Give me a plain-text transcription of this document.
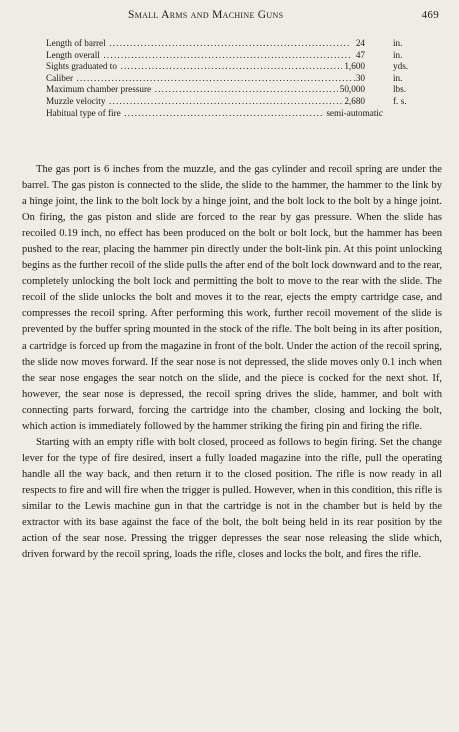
Small Arms and Machine Guns	469
Length of barrel .....	24	in.
Length overall .....	47	in.
Sights graduated to .....	1,600	yds.
Caliber .....	.30	in.
Maximum chamber pressure .....	50,000	lbs.
Muzzle velocity .....	2,680	f. s.
Habitual type of fire .....	semi-automatic

The gas port is 6 inches from the muzzle, and the gas cylinder and recoil spring are under the barrel. The gas piston is connected to the slide, the slide to the hammer, the hammer to the link by a hinge joint, the link to the bolt lock by a hinge joint, and the bolt lock to the bolt by a hinge joint. On firing, the gas piston and slide are forced to the rear by gas pressure. When the slide has recoiled 0.19 inch, no effect has been produced on the bolt or bolt lock, but the hammer has been pushed to the rear, placing the hammer pin directly under the bolt-link pin. At this point unlocking begins as the further recoil of the slide pulls the after end of the bolt lock downward and to the rear, completely unlocking the bolt lock and permitting the bolt to move to the rear with the slide. The recoil of the slide unlocks the bolt and moves it to the rear, ejects the empty cartridge case, and compresses the recoil spring. After performing this work, further recoil movement of the slide is prevented by the buffer spring mounted in the stock of the rifle. The bolt being in its after position, a cartridge is forced up from the magazine in front of the bolt. Under the action of the recoil spring, the slide now moves forward. If the sear nose is not depressed, the slide moves only 0.1 inch when the sear nose engages the sear notch on the slide, and the piece is cocked for the next shot. If, however, the sear nose is depressed, the recoil spring drives the slide, hammer, and bolt with connecting parts forward, forcing the cartridge into the chamber, closing and locking the bolt, which action is immediately followed by the hammer striking the firing pin and firing the rifle.

Starting with an empty rifle with bolt closed, proceed as follows to begin firing. Set the change lever for the type of fire desired, insert a fully loaded magazine into the rifle, pull the operating handle all the way back, and then return it to the closed position. The rifle is now ready in all respects to fire and will fire when the trigger is pulled. However, when in this condition, this rifle is similar to the Lewis machine gun in that the cartridge is not in the chamber but is held by the extractor with its base against the face of the bolt, the bolt being held in its rear position by the action of the sear nose. Pressing the trigger depresses the sear nose releasing the slide which, driven forward by the recoil spring, loads the rifle, closes and locks the bolt, and fires the rifle.
